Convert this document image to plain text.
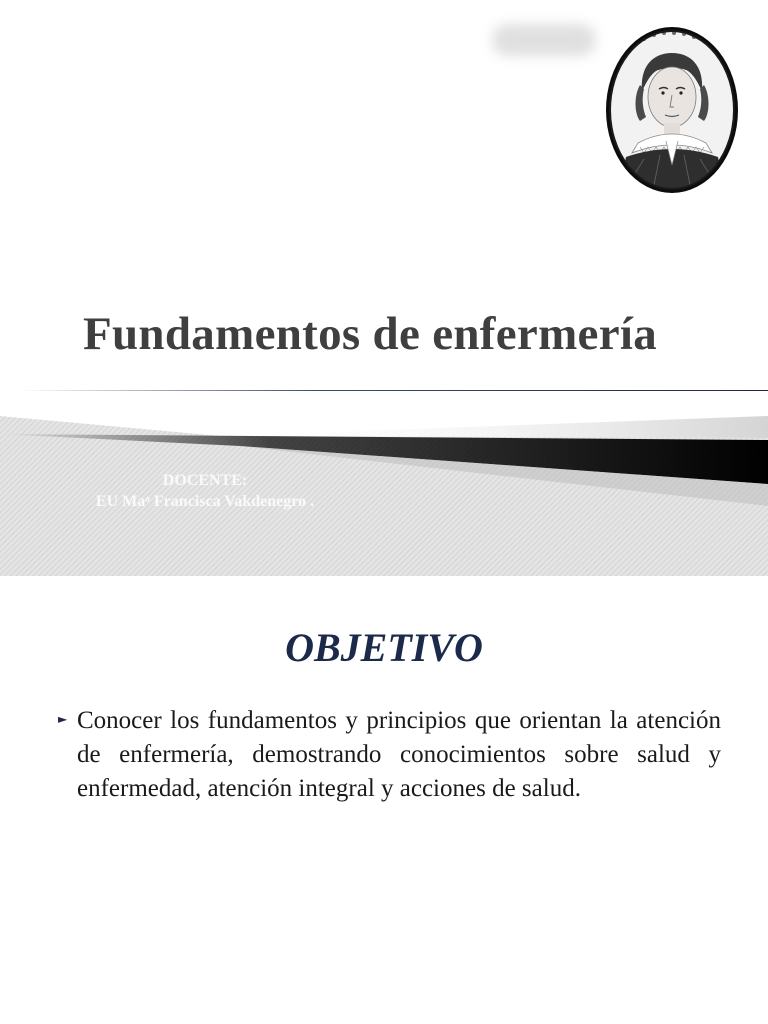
Fundamentos de enfermería
DOCENTE:
EU Maᵃ Francisca Vakdenegro .
OBJETIVO
► Conocer los fundamentos y principios que orientan la atención de enfermería, demostrando conocimientos sobre salud y enfermedad, atención integral y acciones de salud.
